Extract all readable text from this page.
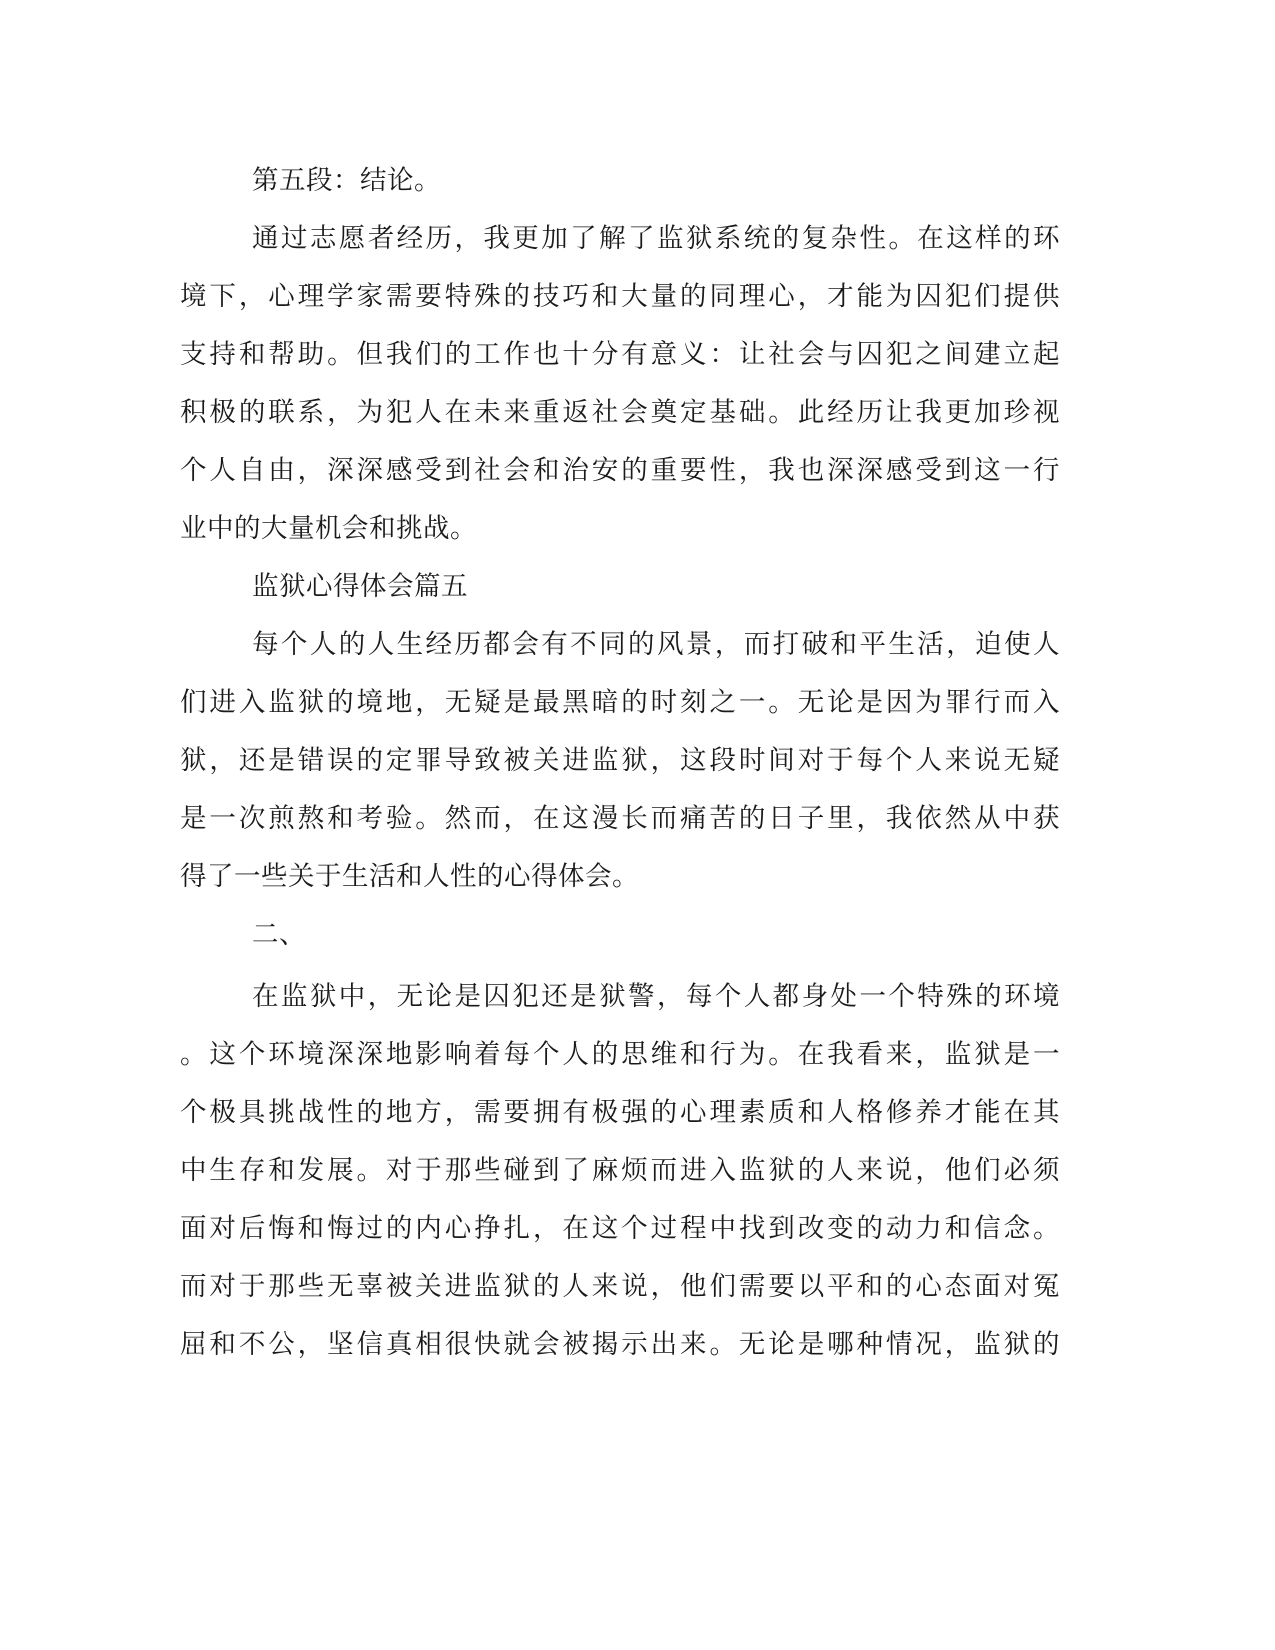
第五段：结论。
通过志愿者经历，我更加了解了监狱系统的复杂性。在这样的环
境下，心理学家需要特殊的技巧和大量的同理心，才能为囚犯们提供
支持和帮助。但我们的工作也十分有意义：让社会与囚犯之间建立起
积极的联系，为犯人在未来重返社会奠定基础。此经历让我更加珍视
个人自由，深深感受到社会和治安的重要性，我也深深感受到这一行
业中的大量机会和挑战。
监狱心得体会篇五
每个人的人生经历都会有不同的风景，而打破和平生活，迫使人
们进入监狱的境地，无疑是最黑暗的时刻之一。无论是因为罪行而入
狱，还是错误的定罪导致被关进监狱，这段时间对于每个人来说无疑
是一次煎熬和考验。然而，在这漫长而痛苦的日子里，我依然从中获
得了一些关于生活和人性的心得体会。
二、
在监狱中，无论是囚犯还是狱警，每个人都身处一个特殊的环境
。这个环境深深地影响着每个人的思维和行为。在我看来，监狱是一
个极具挑战性的地方，需要拥有极强的心理素质和人格修养才能在其
中生存和发展。对于那些碰到了麻烦而进入监狱的人来说，他们必须
面对后悔和悔过的内心挣扎，在这个过程中找到改变的动力和信念。
而对于那些无辜被关进监狱的人来说，他们需要以平和的心态面对冤
屈和不公，坚信真相很快就会被揭示出来。无论是哪种情况，监狱的
